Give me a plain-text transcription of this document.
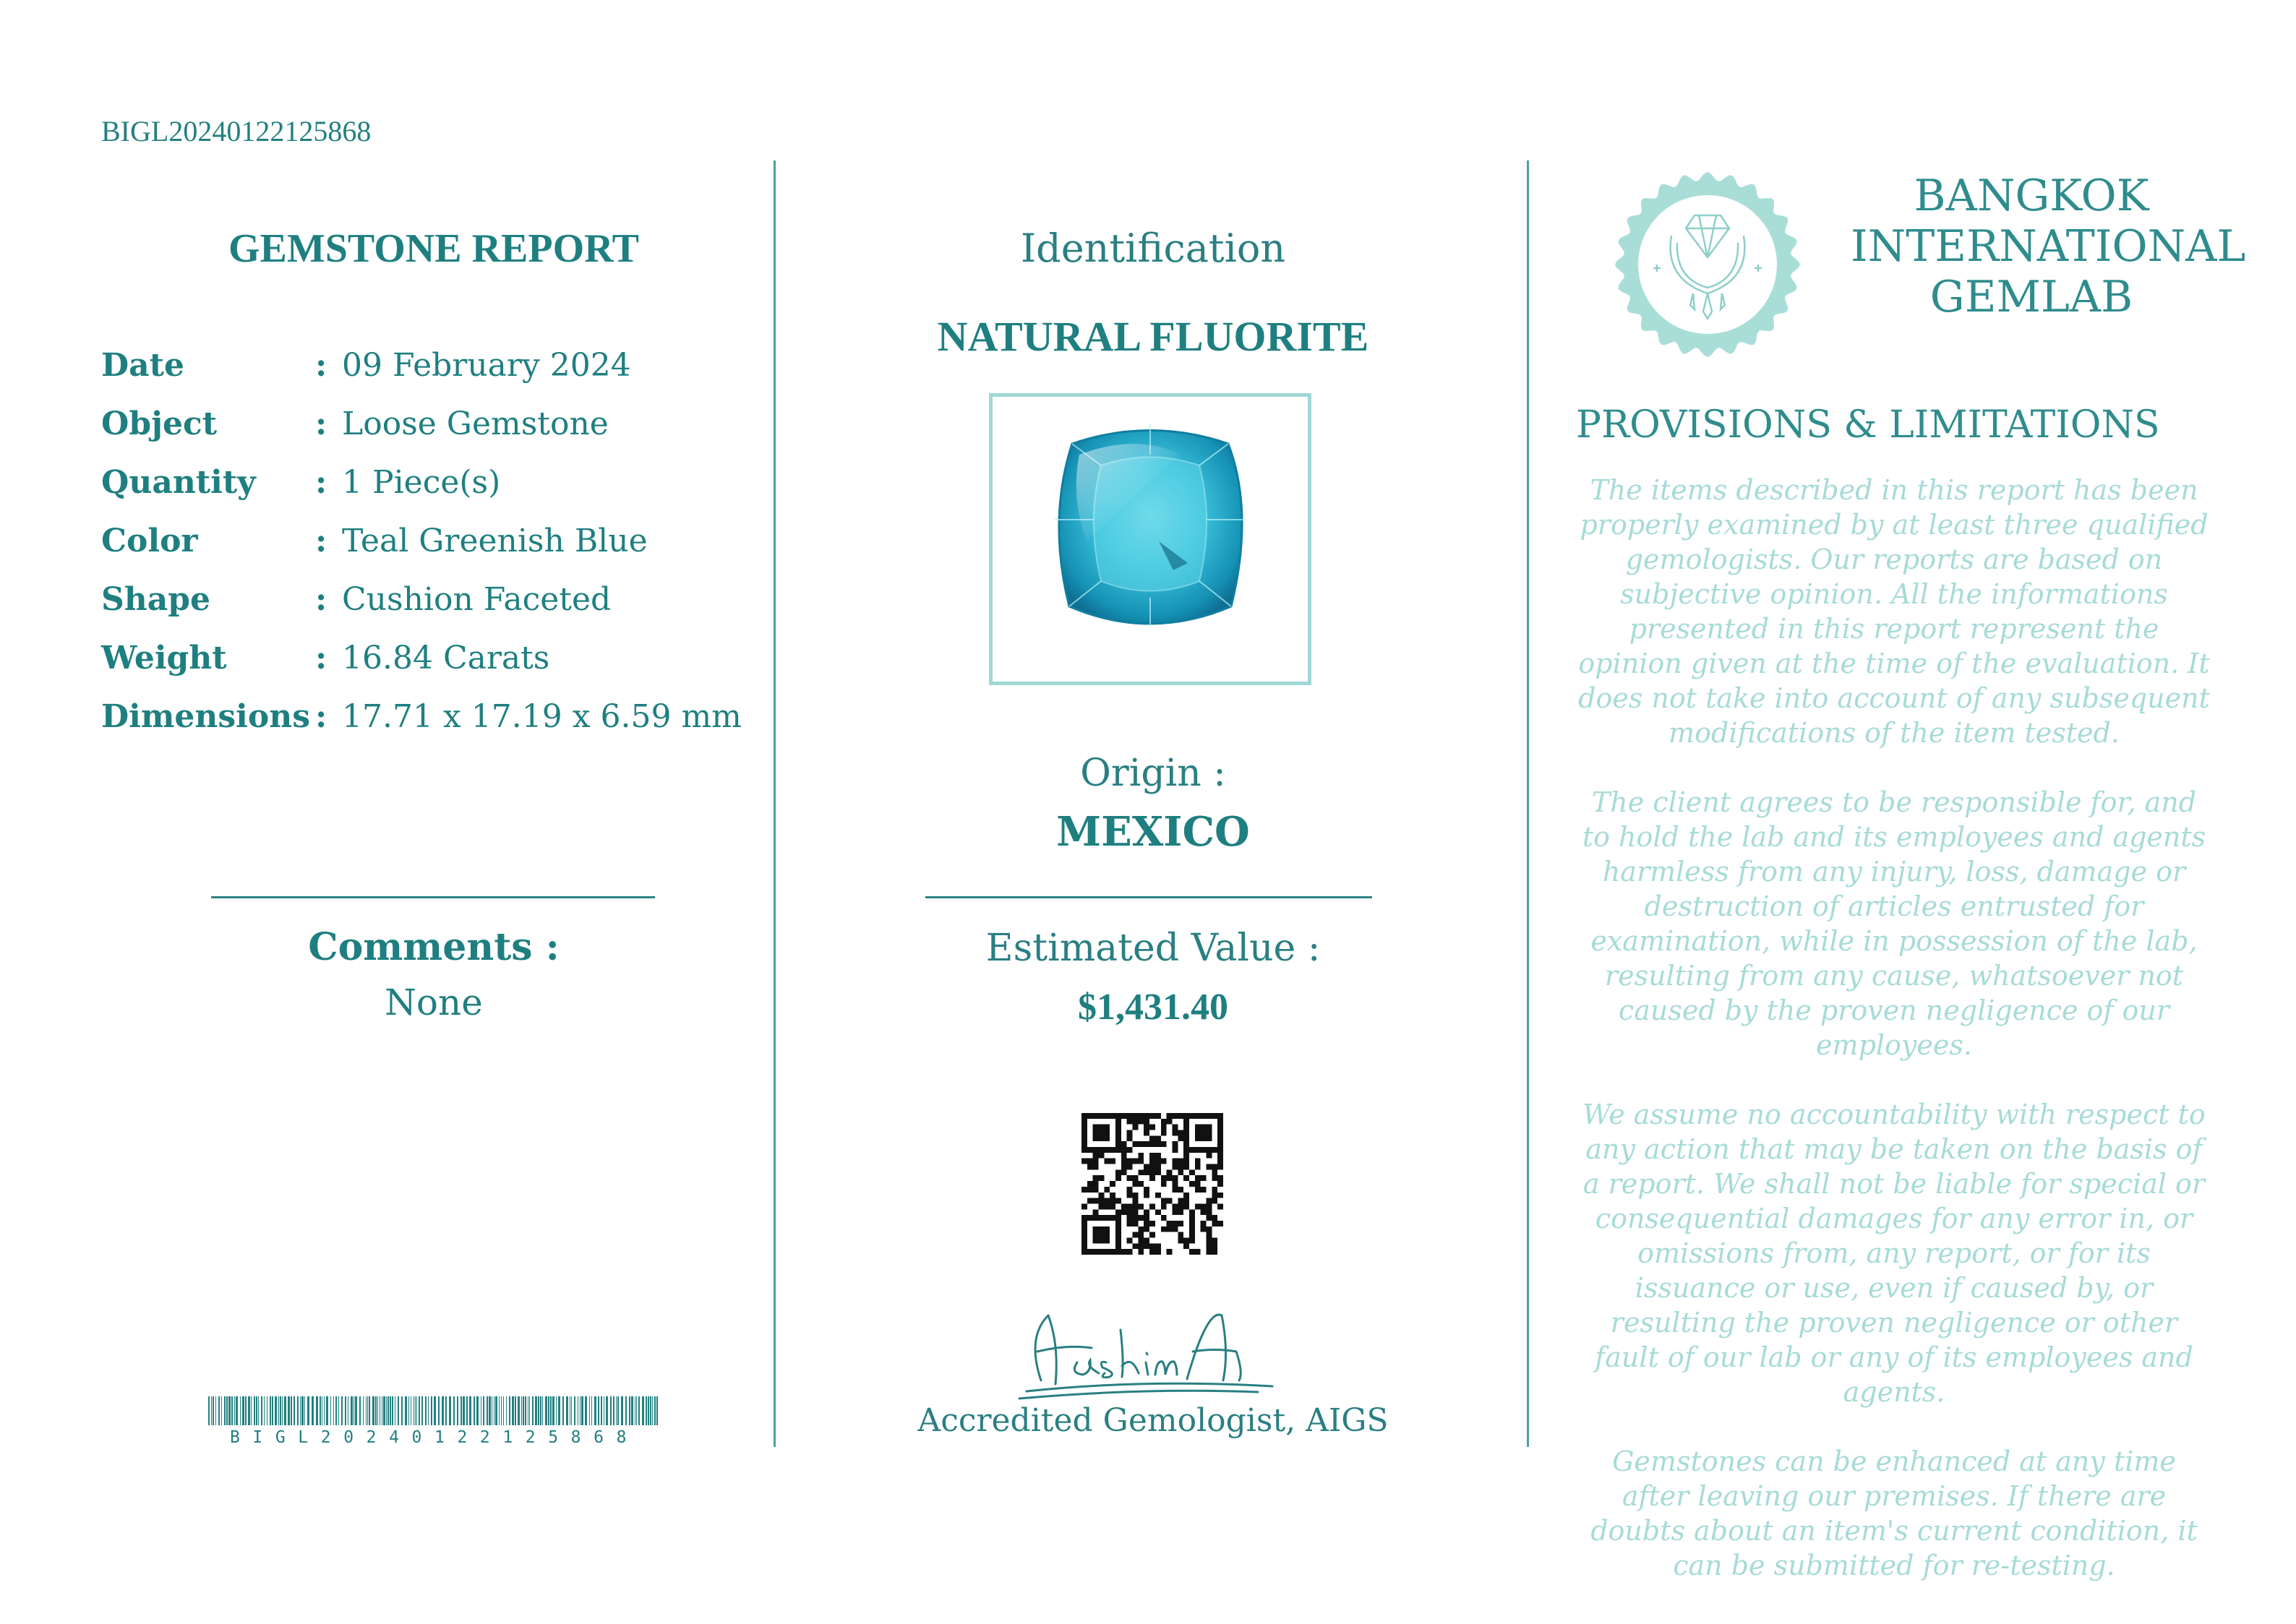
BIGL20240122125868
GEMSTONE REPORT
Date	: 09 February 2024
Object	: Loose Gemstone
Quantity : 1 Piece(s)
Color	: Teal Greenish Blue
Shape	: Cushion Faceted
Weight	: 16.84 Carats
Dimensions : 17.71 x 17.19 x 6.59 mm
Comments :
None
BIGL20240122125868
Identification
NATURAL FLUORITE
Origin :
MEXICO
Estimated Value :
$1,431.40
Accredited Gemologist, AIGS
BANGKOK
INTERNATIONAL
GEMLAB
PROVISIONS & LIMITATIONS

The items described in this report has been properly examined by at least three qualified gemologists. Our reports are based on subjective opinion. All the informations presented in this report represent the opinion given at the time of the evaluation. It does not take into account of any subsequent modifications of the item tested.

The client agrees to be responsible for, and to hold the lab and its employees and agents harmless from any injury, loss, damage or destruction of articles entrusted for examination, while in possession of the lab, resulting from any cause, whatsoever not caused by the proven negligence of our employees.

We assume no accountability with respect to any action that may be taken on the basis of a report. We shall not be liable for special or consequential damages for any error in, or omissions from, any report, or for its issuance or use, even if caused by, or resulting the proven negligence or other fault of our lab or any of its employees and agents.

Gemstones can be enhanced at any time after leaving our premises. If there are doubts about an item's current condition, it can be submitted for re-testing.
